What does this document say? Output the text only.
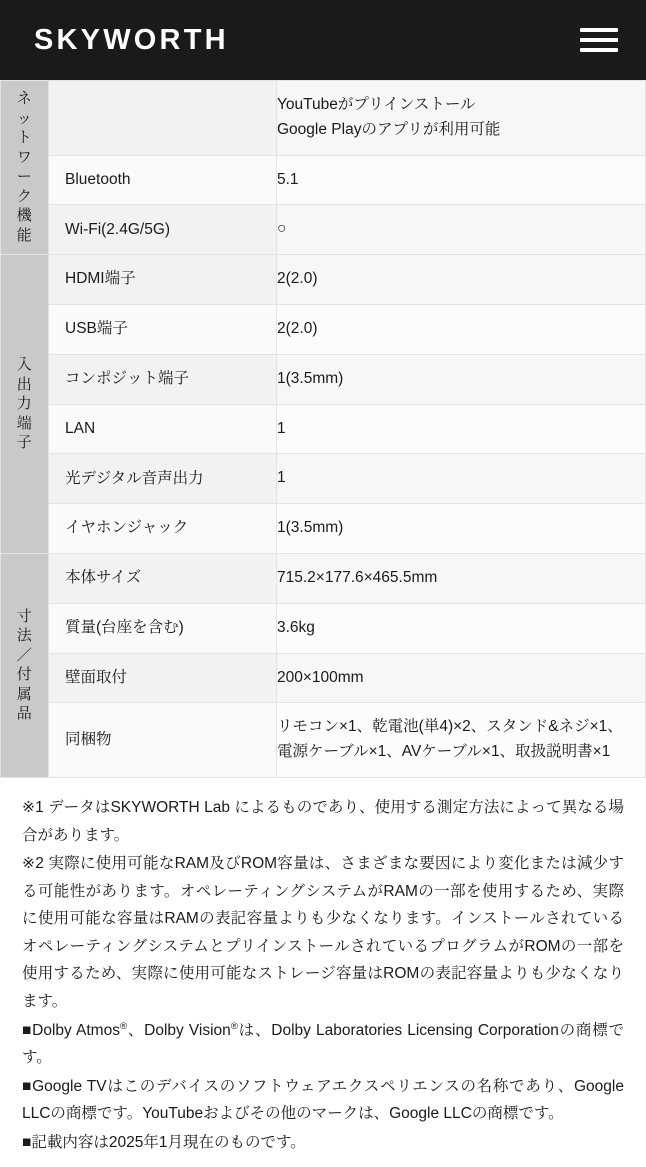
SKYWORTH
ネットワーク機能		YouTubeがプリインストール
Google Playのアプリが利用可能
	Bluetooth	5.1
	Wi-Fi(2.4G/5G)	○
入出力端子	HDMI端子	2(2.0)
	USB端子	2(2.0)
	コンポジット端子	1(3.5mm)
	LAN	1
	光デジタル音声出力	1
	イヤホンジャック	1(3.5mm)
寸法／付属品	本体サイズ	715.2×177.6×465.5mm
	質量(台座を含む)	3.6kg
	壁面取付	200×100mm
	同梱物	リモコン×1、乾電池(単4)×2、スタンド&ネジ×1、電源ケーブル×1、AVケーブル×1、取扱説明書×1

※1 データはSKYWORTH Lab によるものであり、使用する測定方法によって異なる場合があります。

※2 実際に使用可能なRAM及びROM容量は、さまざまな要因により変化または減少する可能性があります。オペレーティングシステムがRAMの一部を使用するため、実際に使用可能な容量はRAMの表記容量よりも少なくなります。インストールされているオペレーティングシステムとプリインストールされているプログラムがROMの一部を使用するため、実際に使用可能なストレージ容量はROMの表記容量よりも少なくなります。

■Dolby Atmos®、Dolby Vision®は、Dolby Laboratories Licensing Corporationの商標です。

■Google TVはこのデバイスのソフトウェアエクスペリエンスの名称であり、Google LLCの商標です。YouTubeおよびその他のマークは、Google LLCの商標です。

■記載内容は2025年1月現在のものです。
